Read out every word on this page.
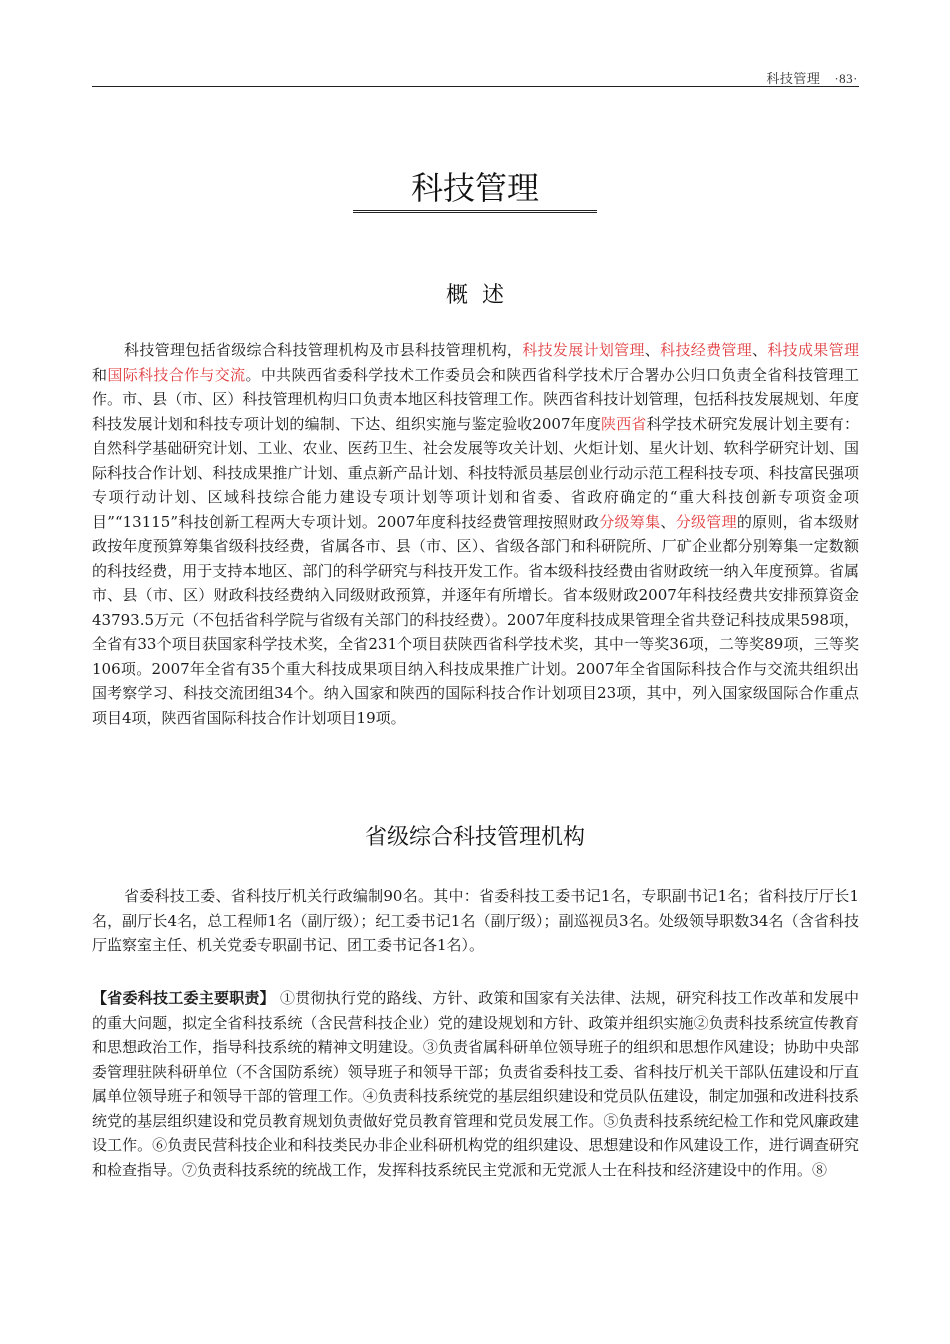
科技管理 ·83·
科技管理
概述

科技管理包括省级综合科技管理机构及市县科技管理机构，科技发展计划管理、科技经费管理、科技成果管理和国际科技合作与交流。中共陕西省委科学技术工作委员会和陕西省科学技术厅合署办公归口负责全省科技管理工作。市、县（市、区）科技管理机构归口负责本地区科技管理工作。陕西省科技计划管理，包括科技发展规划、年度科技发展计划和科技专项计划的编制、下达、组织实施与鉴定验收2007年度陕西省科学技术研究发展计划主要有：自然科学基础研究计划、工业、农业、医药卫生、社会发展等攻关计划、火炬计划、星火计划、软科学研究计划、国际科技合作计划、科技成果推广计划、重点新产品计划、科技特派员基层创业行动示范工程科技专项、科技富民强项专项行动计划、区域科技综合能力建设专项计划等项计划和省委、省政府确定的“重大科技创新专项资金项目”“13115”科技创新工程两大专项计划。2007年度科技经费管理按照财政分级筹集、分级管理的原则，省本级财政按年度预算筹集省级科技经费，省属各市、县（市、区）、省级各部门和科研院所、厂矿企业都分别筹集一定数额的科技经费，用于支持本地区、部门的科学研究与科技开发工作。省本级科技经费由省财政统一纳入年度预算。省属市、县（市、区）财政科技经费纳入同级财政预算，并逐年有所增长。省本级财政2007年科技经费共安排预算资金43793.5万元（不包括省科学院与省级有关部门的科技经费）。2007年度科技成果管理全省共登记科技成果598项，全省有33个项目获国家科学技术奖，全省231个项目获陕西省科学技术奖，其中一等奖36项，二等奖89项，三等奖106项。2007年全省有35个重大科技成果项目纳入科技成果推广计划。2007年全省国际科技合作与交流共组织出国考察学习、科技交流团组34个。纳入国家和陕西的国际科技合作计划项目23项，其中，列入国家级国际合作重点项目4项，陕西省国际科技合作计划项目19项。

省级综合科技管理机构

省委科技工委、省科技厅机关行政编制90名。其中：省委科技工委书记1名，专职副书记1名；省科技厅厅长1名，副厅长4名，总工程师1名（副厅级）；纪工委书记1名（副厅级）；副巡视员3名。处级领导职数34名（含省科技厅监察室主任、机关党委专职副书记、团工委书记各1名）。

【省委科技工委主要职责】 ①贯彻执行党的路线、方针、政策和国家有关法律、法规，研究科技工作改革和发展中的重大问题，拟定全省科技系统（含民营科技企业）党的建设规划和方针、政策并组织实施②负责科技系统宣传教育和思想政治工作，指导科技系统的精神文明建设。③负责省属科研单位领导班子的组织和思想作风建设；协助中央部委管理驻陕科研单位（不含国防系统）领导班子和领导干部；负责省委科技工委、省科技厅机关干部队伍建设和厅直属单位领导班子和领导干部的管理工作。④负责科技系统党的基层组织建设和党员队伍建设，制定加强和改进科技系统党的基层组织建设和党员教育规划负责做好党员教育管理和党员发展工作。⑤负责科技系统纪检工作和党风廉政建设工作。⑥负责民营科技企业和科技类民办非企业科研机构党的组织建设、思想建设和作风建设工作，进行调查研究和检查指导。⑦负责科技系统的统战工作，发挥科技系统民主党派和无党派人士在科技和经济建设中的作用。⑧
